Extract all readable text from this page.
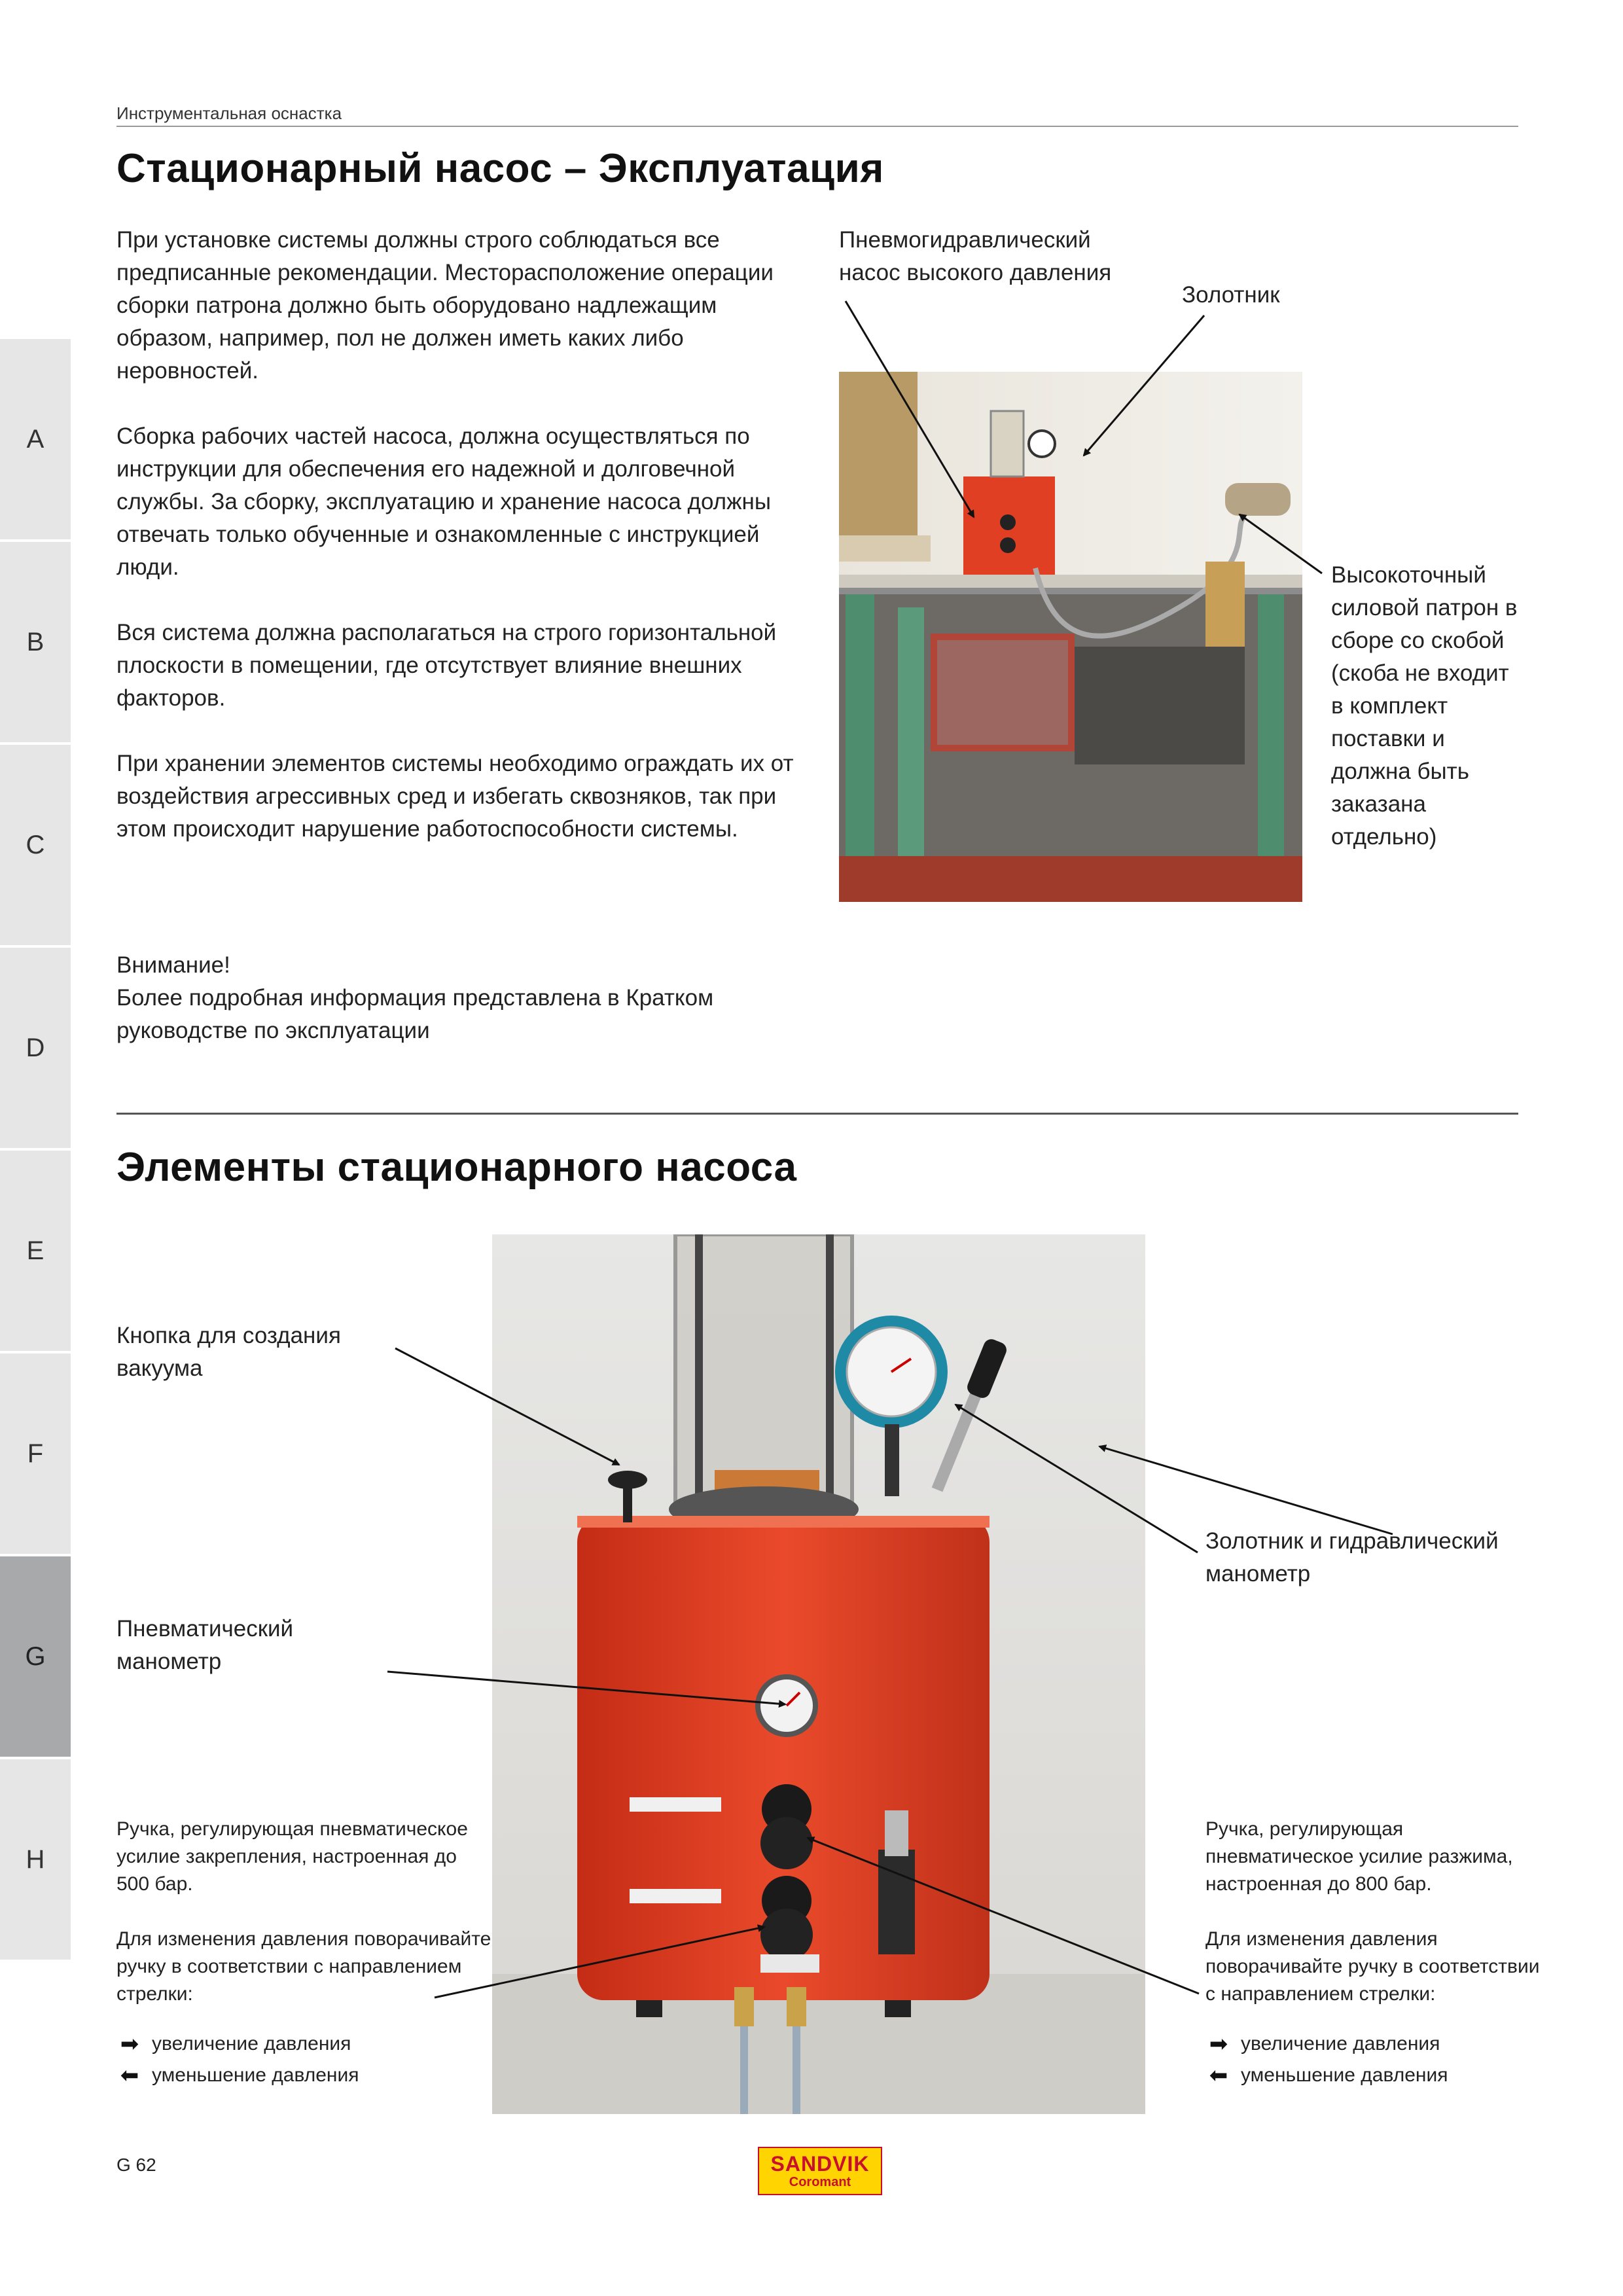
Инструментальная оснастка
Стационарный насос – Эксплуатация
A
B
C
D
E
F
G
H

При установке системы должны строго соблюдаться все предписанные рекомендации. Месторасположение операции сборки патрона должно быть оборудовано надлежащим образом, например, пол не должен иметь каких либо неровностей.

Сборка рабочих частей насоса, должна осуществляться по инструкции для обеспечения его надежной и долговечной службы. За сборку, эксплуатацию и хранение насоса должны отвечать только обученные и ознакомленные с инструкцией люди.

Вся система должна располагаться на строго горизонтальной плоскости в помещении, где отсутствует влияние внешних факторов.

При хранении элементов системы необходимо ограждать их от воздействия агрессивных сред и избегать сквозняков, так при этом происходит нарушение работоспособности системы.

Внимание!
Более подробная информация представлена в Кратком руководстве по эксплуатации
Пневмогидравлический насос высокого давления
Золотник
Высокоточный силовой патрон в сборе со скобой (скоба не входит в комплект поставки и должна быть заказана отдельно)
Элементы стационарного насоса
Кнопка для создания вакуума
Золотник и гидравлический манометр
Пневматический манометр
Ручка, регулирующая пневматическое усилие закрепления, настроенная до 500 бар.
Для изменения давления поворачивайте ручку в соответствии с направлением стрелки:
➡ увеличение давления
⬅ уменьшение давления
Ручка, регулирующая пневматическое усилие разжима, настроенная до 800 бар.
Для изменения давления поворачивайте ручку в соответствии с направлением стрелки:
➡ увеличение давления
⬅ уменьшение давления
G 62	SANDVIK
Coromant
